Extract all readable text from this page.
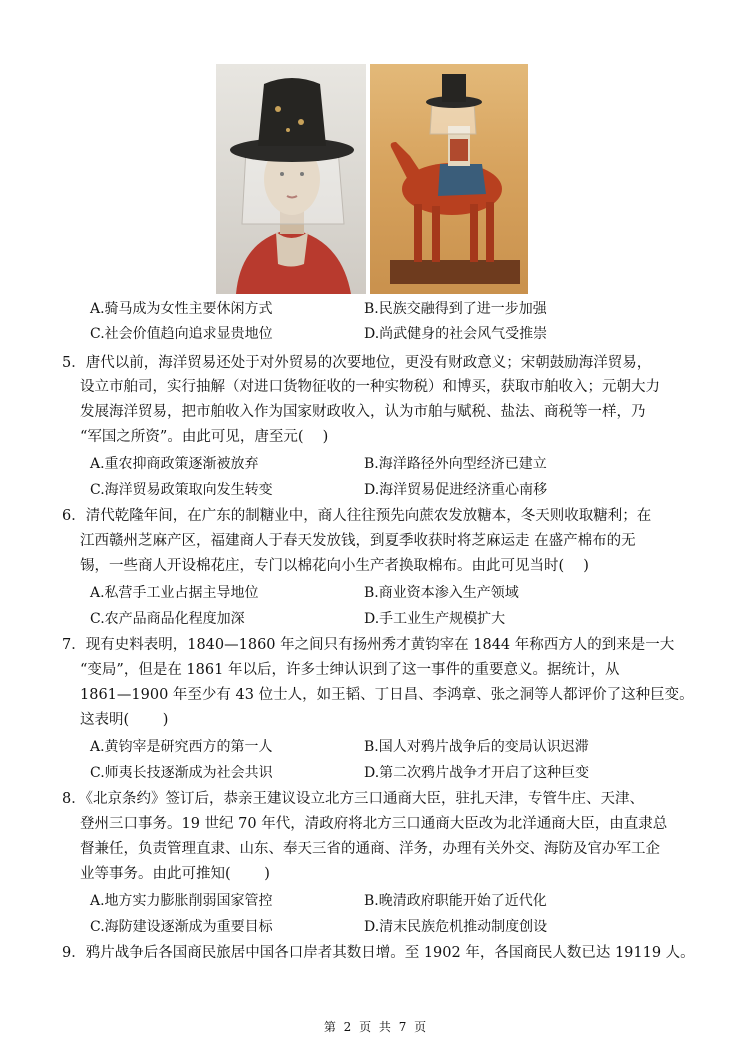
A.骑马成为女性主要休闲方式	B.民族交融得到了进一步加强
C.社会价值趋向追求显贵地位	D.尚武健身的社会风气受推崇
5．唐代以前，海洋贸易还处于对外贸易的次要地位，更没有财政意义；宋朝鼓励海洋贸易，
设立市舶司，实行抽解（对进口货物征收的一种实物税）和博买，获取市舶收入；元朝大力
发展海洋贸易，把市舶收入作为国家财政收入，认为市舶与赋税、盐法、商税等一样，乃
“军国之所资”。由此可见，唐至元(　 )
A.重农抑商政策逐渐被放弃	B.海洋路径外向型经济已建立
C.海洋贸易政策取向发生转变	D.海洋贸易促进经济重心南移
6．清代乾隆年间，在广东的制糖业中，商人往往预先向蔗农发放糖本，冬天则收取糖利；在
江西赣州芝麻产区，福建商人于春天发放钱，到夏季收获时将芝麻运走 在盛产棉布的无
锡，一些商人开设棉花庄，专门以棉花向小生产者换取棉布。由此可见当时(　 )
A.私营手工业占据主导地位	B.商业资本渗入生产领域
C.农产品商品化程度加深	D.手工业生产规模扩大
7．现有史料表明，1840—1860 年之间只有扬州秀才黄钧宰在 1844 年称西方人的到来是一大
“变局”，但是在 1861 年以后，许多士绅认识到了这一事件的重要意义。据统计，从
1861—1900 年至少有 43 位士人，如王韬、丁日昌、李鸿章、张之洞等人都评价了这种巨变。
这表明(　 　)
A.黄钧宰是研究西方的第一人	B.国人对鸦片战争后的变局认识迟滞
C.师夷长技逐渐成为社会共识	D.第二次鸦片战争才开启了这种巨变
8．《北京条约》签订后，恭亲王建议设立北方三口通商大臣，驻扎天津，专管牛庄、天津、
登州三口事务。19 世纪 70 年代，清政府将北方三口通商大臣改为北洋通商大臣，由直隶总
督兼任，负责管理直隶、山东、奉天三省的通商、洋务，办理有关外交、海防及官办军工企
业等事务。由此可推知(　 　)
A.地方实力膨胀削弱国家管控	B.晚清政府职能开始了近代化
C.海防建设逐渐成为重要目标	D.清末民族危机推动制度创设
9．鸦片战争后各国商民旅居中国各口岸者其数日增。至 1902 年，各国商民人数已达 19119 人。
第 2 页 共 7 页
